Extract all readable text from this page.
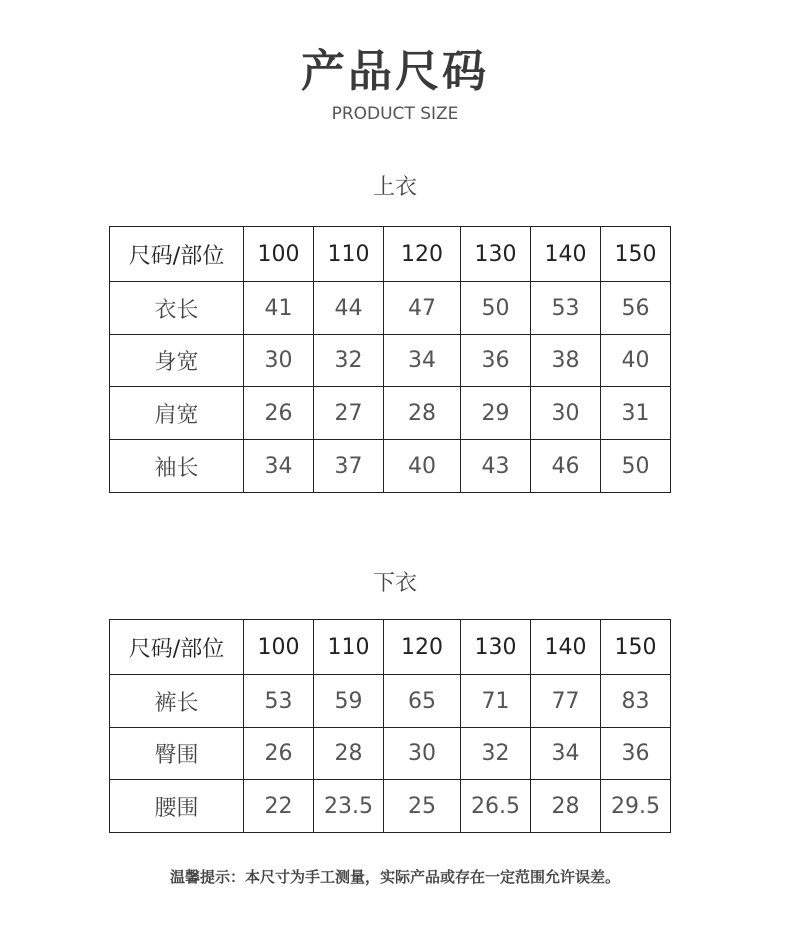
产品尺码
PRODUCT SIZE
上衣
尺码/部位	100	110	120	130	140	150
衣长	41	44	47	50	53	56
身宽	30	32	34	36	38	40
肩宽	26	27	28	29	30	31
袖长	34	37	40	43	46	50
下衣
尺码/部位	100	110	120	130	140	150
裤长	53	59	65	71	77	83
臀围	26	28	30	32	34	36
腰围	22	23.5	25	26.5	28	29.5
温馨提示：本尺寸为手工测量，实际产品或存在一定范围允许误差。
